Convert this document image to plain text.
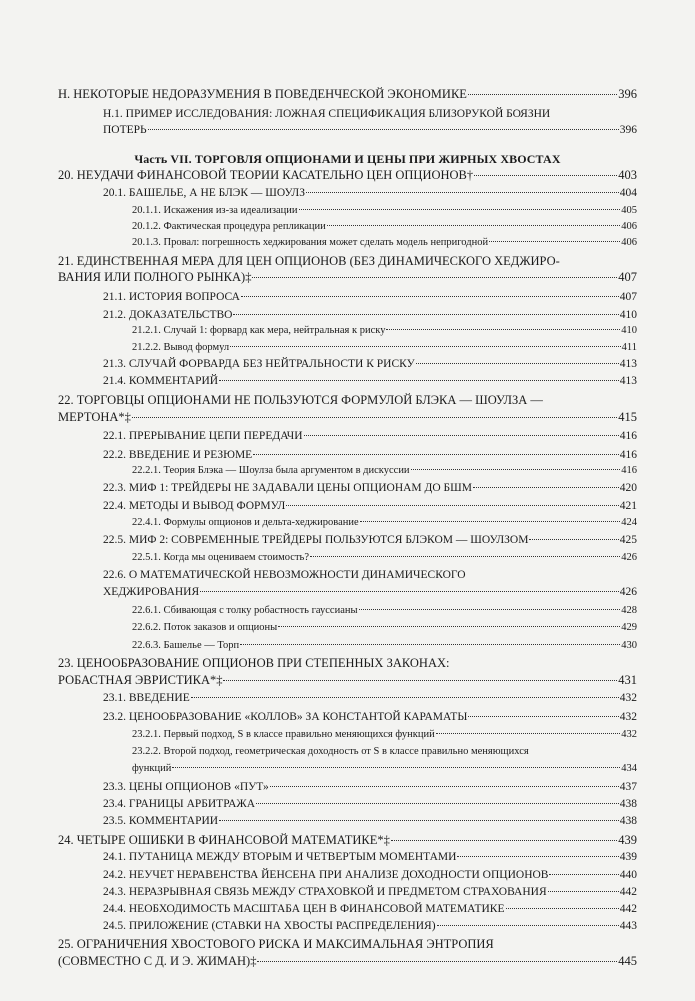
Часть VII. ТОРГОВЛЯ ОПЦИОНАМИ И ЦЕНЫ ПРИ ЖИРНЫХ ХВОСТАХ
Н. НЕКОТОРЫЕ НЕДОРАЗУМЕНИЯ В ПОВЕДЕНЧЕСКОЙ ЭКОНОМИКЕ	396
Н.1. ПРИМЕР ИССЛЕДОВАНИЯ: ЛОЖНАЯ СПЕЦИФИКАЦИЯ БЛИЗОРУКОЙ БОЯЗНИ
ПОТЕРЬ	396
20. НЕУДАЧИ ФИНАНСОВОЙ ТЕОРИИ КАСАТЕЛЬНО ЦЕН ОПЦИОНОВ†	403
20.1. БАШЕЛЬЕ, А НЕ БЛЭК — ШОУЛЗ	404
20.1.1. Искажения из-за идеализации	405
20.1.2. Фактическая процедура репликации	406
20.1.3. Провал: погрешность хеджирования может сделать модель непригодной	406
21. ЕДИНСТВЕННАЯ МЕРА ДЛЯ ЦЕН ОПЦИОНОВ (БЕЗ ДИНАМИЧЕСКОГО ХЕДЖИРО-
ВАНИЯ ИЛИ ПОЛНОГО РЫНКА)‡	407
21.1. ИСТОРИЯ ВОПРОСА	407
21.2. ДОКАЗАТЕЛЬСТВО	410
21.2.1. Случай 1: форвард как мера, нейтральная к риску	410
21.2.2. Вывод формул	411
21.3. СЛУЧАЙ ФОРВАРДА БЕЗ НЕЙТРАЛЬНОСТИ К РИСКУ	413
21.4. КОММЕНТАРИЙ	413
22. ТОРГОВЦЫ ОПЦИОНАМИ НЕ ПОЛЬЗУЮТСЯ ФОРМУЛОЙ БЛЭКА — ШОУЛЗА —
МЕРТОНА*‡	415
22.1. ПРЕРЫВАНИЕ ЦЕПИ ПЕРЕДАЧИ	416
22.2. ВВЕДЕНИЕ И РЕЗЮМЕ	416
22.2.1. Теория Блэка — Шоулза была аргументом в дискуссии	416
22.3. МИФ 1: ТРЕЙДЕРЫ НЕ ЗАДАВАЛИ ЦЕНЫ ОПЦИОНАМ ДО БШМ	420
22.4. МЕТОДЫ И ВЫВОД ФОРМУЛ	421
22.4.1. Формулы опционов и дельта-хеджирование	424
22.5. МИФ 2: СОВРЕМЕННЫЕ ТРЕЙДЕРЫ ПОЛЬЗУЮТСЯ БЛЭКОМ — ШОУЛЗОМ	425
22.5.1. Когда мы оцениваем стоимость?	426
22.6. О МАТЕМАТИЧЕСКОЙ НЕВОЗМОЖНОСТИ ДИНАМИЧЕСКОГО
ХЕДЖИРОВАНИЯ	426
22.6.1. Сбивающая с толку робастность гауссианы	428
22.6.2. Поток заказов и опционы	429
22.6.3. Башелье — Торп	430
23. ЦЕНООБРАЗОВАНИЕ ОПЦИОНОВ ПРИ СТЕПЕННЫХ ЗАКОНАХ:
РОБАСТНАЯ ЭВРИСТИКА*‡	431
23.1. ВВЕДЕНИЕ	432
23.2. ЦЕНООБРАЗОВАНИЕ «КОЛЛОВ» ЗА КОНСТАНТОЙ КАРАМАТЫ	432
23.2.1. Первый подход, S в классе правильно меняющихся функций	432
23.2.2. Второй подход, геометрическая доходность от S в классе правильно меняющихся
функций	434
23.3. ЦЕНЫ ОПЦИОНОВ «ПУТ»	437
23.4. ГРАНИЦЫ АРБИТРАЖА	438
23.5. КОММЕНТАРИИ	438
24. ЧЕТЫРЕ ОШИБКИ В ФИНАНСОВОЙ МАТЕМАТИКЕ*‡	439
24.1. ПУТАНИЦА МЕЖДУ ВТОРЫМ И ЧЕТВЕРТЫМ МОМЕНТАМИ	439
24.2. НЕУЧЕТ НЕРАВЕНСТВА ЙЕНСЕНА ПРИ АНАЛИЗЕ ДОХОДНОСТИ ОПЦИОНОВ	440
24.3. НЕРАЗРЫВНАЯ СВЯЗЬ МЕЖДУ СТРАХОВКОЙ И ПРЕДМЕТОМ СТРАХОВАНИЯ	442
24.4. НЕОБХОДИМОСТЬ МАСШТАБА ЦЕН В ФИНАНСОВОЙ МАТЕМАТИКЕ	442
24.5. ПРИЛОЖЕНИЕ (СТАВКИ НА ХВОСТЫ РАСПРЕДЕЛЕНИЯ)	443
25. ОГРАНИЧЕНИЯ ХВОСТОВОГО РИСКА И МАКСИМАЛЬНАЯ ЭНТРОПИЯ
(СОВМЕСТНО С Д. И Э. ЖИМАН)‡	445
